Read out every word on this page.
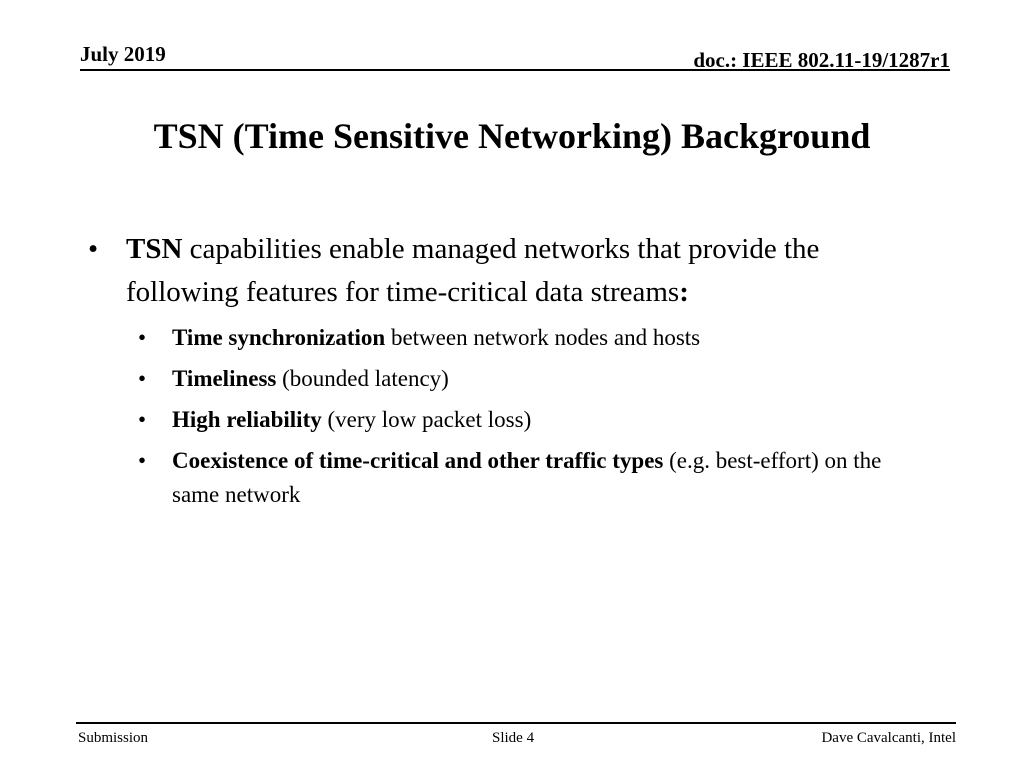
July 2019	doc.: IEEE 802.11-19/1287r1
TSN (Time Sensitive Networking) Background
• TSN capabilities enable managed networks that provide the following features for time-critical data streams:
• Time synchronization between network nodes and hosts
• Timeliness (bounded latency)
• High reliability (very low packet loss)
• Coexistence of time-critical and other traffic types (e.g. best-effort) on the same network
Submission	Slide 4	Dave Cavalcanti, Intel
